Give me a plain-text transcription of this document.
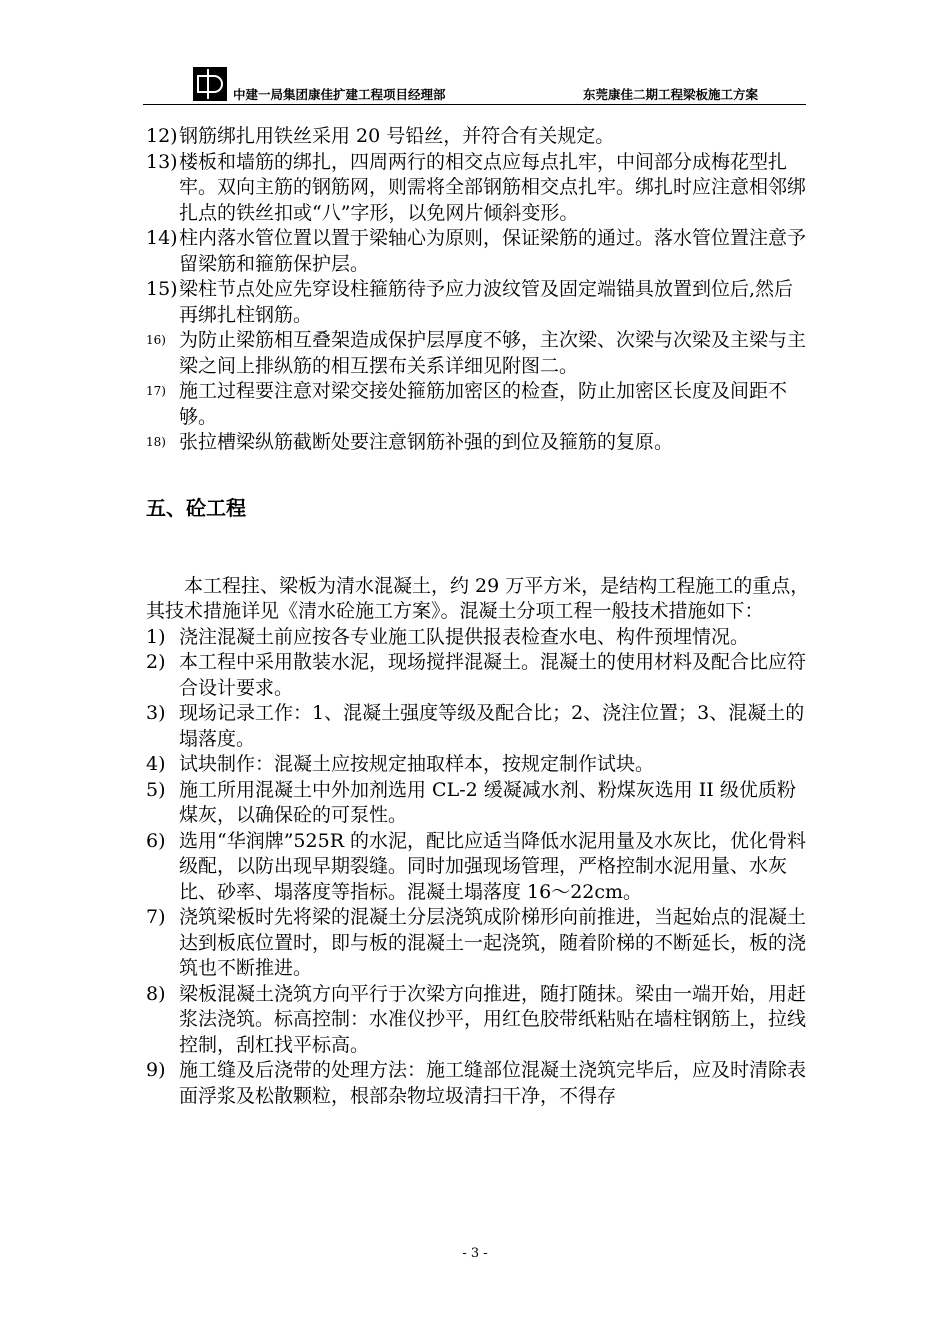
中建一局集团康佳扩建工程项目经理部	东莞康佳二期工程梁板施工方案
12) 钢筋绑扎用铁丝采用 20 号铅丝，并符合有关规定。
13) 楼板和墙筋的绑扎，四周两行的相交点应每点扎牢，中间部分成梅花型扎牢。双向主筋的钢筋网，则需将全部钢筋相交点扎牢。绑扎时应注意相邻绑扎点的铁丝扣或“八”字形，以免网片倾斜变形。
14) 柱内落水管位置以置于梁轴心为原则，保证梁筋的通过。落水管位置注意予留梁筋和箍筋保护层。
15) 梁柱节点处应先穿设柱箍筋待予应力波纹管及固定端锚具放置到位后,然后再绑扎柱钢筋。
16) 为防止梁筋相互叠架造成保护层厚度不够，主次梁、次梁与次梁及主梁与主梁之间上排纵筋的相互摆布关系详细见附图二。
17) 施工过程要注意对梁交接处箍筋加密区的检查，防止加密区长度及间距不够。
18) 张拉槽梁纵筋截断处要注意钢筋补强的到位及箍筋的复原。
五、砼工程
本工程拄、梁板为清水混凝土，约 29 万平方米，是结构工程施工的重点，其技术措施详见《清水砼施工方案》。混凝土分项工程一般技术措施如下：
1) 浇注混凝土前应按各专业施工队提供报表检查水电、构件预埋情况。
2) 本工程中采用散装水泥，现场搅拌混凝土。混凝土的使用材料及配合比应符合设计要求。
3) 现场记录工作：1、混凝土强度等级及配合比；2、浇注位置；3、混凝土的塌落度。
4) 试块制作：混凝土应按规定抽取样本，按规定制作试块。
5) 施工所用混凝土中外加剂选用 CL-2 缓凝减水剂、粉煤灰选用 II 级优质粉煤灰，以确保砼的可泵性。
6) 选用“华润牌”525R 的水泥，配比应适当降低水泥用量及水灰比，优化骨料级配，以防出现早期裂缝。同时加强现场管理，严格控制水泥用量、水灰比、砂率、塌落度等指标。混凝土塌落度 16～22cm。
7) 浇筑梁板时先将梁的混凝土分层浇筑成阶梯形向前推进，当起始点的混凝土达到板底位置时，即与板的混凝土一起浇筑，随着阶梯的不断延长，板的浇筑也不断推进。
8) 梁板混凝土浇筑方向平行于次梁方向推进，随打随抹。梁由一端开始，用赶浆法浇筑。标高控制：水准仪抄平，用红色胶带纸粘贴在墙柱钢筋上，拉线控制，刮杠找平标高。
9) 施工缝及后浇带的处理方法：施工缝部位混凝土浇筑完毕后，应及时清除表面浮浆及松散颗粒，根部杂物垃圾清扫干净，不得存
- 3 -
